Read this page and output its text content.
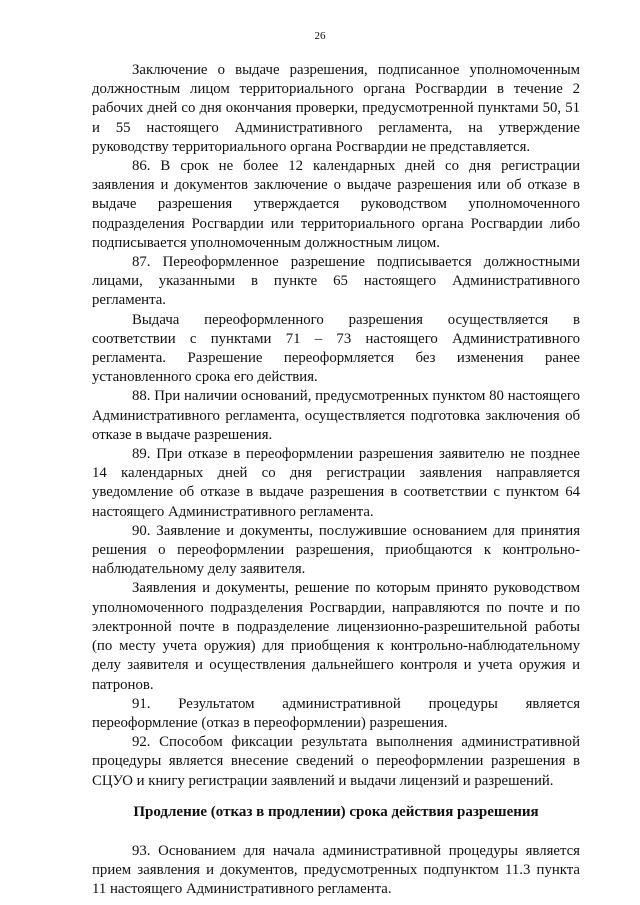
26

Заключение о выдаче разрешения, подписанное уполномоченным должностным лицом территориального органа Росгвардии в течение 2 рабочих дней со дня окончания проверки, предусмотренной пунктами 50, 51 и 55 настоящего Административного регламента, на утверждение руководству территориального органа Росгвардии не представляется.

86. В срок не более 12 календарных дней со дня регистрации заявления и документов заключение о выдаче разрешения или об отказе в выдаче разрешения утверждается руководством уполномоченного подразделения Росгвардии или территориального органа Росгвардии либо подписывается уполномоченным должностным лицом.

87. Переоформленное разрешение подписывается должностными лицами, указанными в пункте 65 настоящего Административного регламента.

Выдача переоформленного разрешения осуществляется в соответствии с пунктами 71 – 73 настоящего Административного регламента. Разрешение переоформляется без изменения ранее установленного срока его действия.

88. При наличии оснований, предусмотренных пунктом 80 настоящего Административного регламента, осуществляется подготовка заключения об отказе в выдаче разрешения.

89. При отказе в переоформлении разрешения заявителю не позднее 14 календарных дней со дня регистрации заявления направляется уведомление об отказе в выдаче разрешения в соответствии с пунктом 64 настоящего Административного регламента.

90. Заявление и документы, послужившие основанием для принятия решения о переоформлении разрешения, приобщаются к контрольно-наблюдательному делу заявителя.

Заявления и документы, решение по которым принято руководством уполномоченного подразделения Росгвардии, направляются по почте и по электронной почте в подразделение лицензионно-разрешительной работы (по месту учета оружия) для приобщения к контрольно-наблюдательному делу заявителя и осуществления дальнейшего контроля и учета оружия и патронов.

91. Результатом административной процедуры является переоформление (отказ в переоформлении) разрешения.

92. Способом фиксации результата выполнения административной процедуры является внесение сведений о переоформлении разрешения в СЦУО и книгу регистрации заявлений и выдачи лицензий и разрешений.

Продление (отказ в продлении) срока действия разрешения

93. Основанием для начала административной процедуры является прием заявления и документов, предусмотренных подпунктом 11.3 пункта 11 настоящего Административного регламента.
